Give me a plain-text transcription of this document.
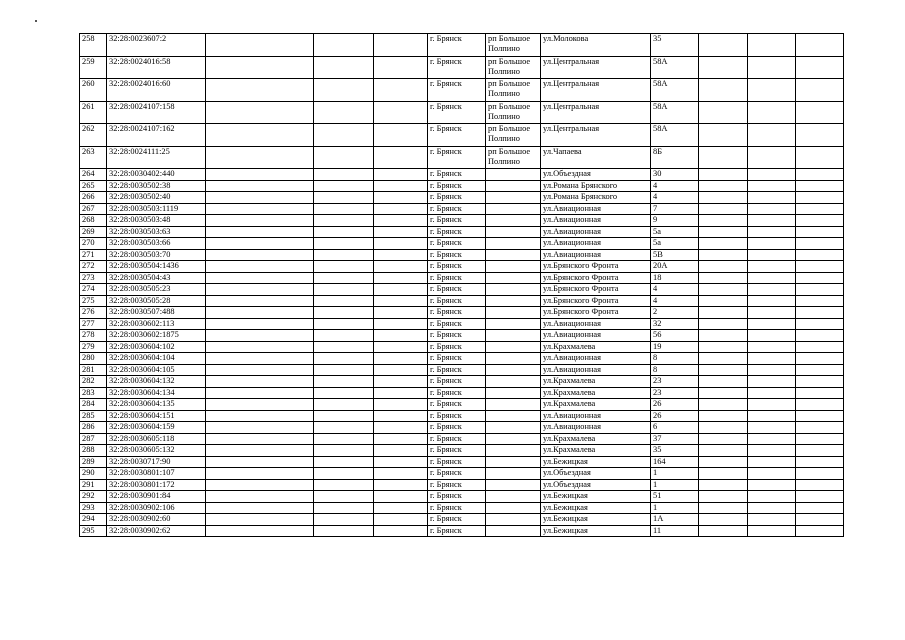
258	32:28:0023607:2				г. Брянск	рп Большое Полпино	ул.Молокова	35			
259	32:28:0024016:58				г. Брянск	рп Большое Полпино	ул.Центральная	58А			
260	32:28:0024016:60				г. Брянск	рп Большое Полпино	ул.Центральная	58А			
261	32:28:0024107:158				г. Брянск	рп Большое Полпино	ул.Центральная	58А			
262	32:28:0024107:162				г. Брянск	рп Большое Полпино	ул.Центральная	58А			
263	32:28:0024111:25				г. Брянск	рп Большое Полпино	ул.Чапаева	8Б			
264	32:28:0030402:440				г. Брянск		ул.Объездная	30			
265	32:28:0030502:38				г. Брянск		ул.Романа Брянского	4			
266	32:28:0030502:40				г. Брянск		ул.Романа Брянского	4			
267	32:28:0030503:1119				г. Брянск		ул.Авиационная	7			
268	32:28:0030503:48				г. Брянск		ул.Авиационная	9			
269	32:28:0030503:63				г. Брянск		ул.Авиационная	5а			
270	32:28:0030503:66				г. Брянск		ул.Авиационная	5а			
271	32:28:0030503:70				г. Брянск		ул.Авиационная	5В			
272	32:28:0030504:1436				г. Брянск		ул.Брянского Фронта	20А			
273	32:28:0030504:43				г. Брянск		ул.Брянского Фронта	18			
274	32:28:0030505:23				г. Брянск		ул.Брянского Фронта	4			
275	32:28:0030505:28				г. Брянск		ул.Брянского Фронта	4			
276	32:28:0030507:488				г. Брянск		ул.Брянского Фронта	2			
277	32:28:0030602:113				г. Брянск		ул.Авиационная	32			
278	32:28:0030602:1875				г. Брянск		ул.Авиационная	56			
279	32:28:0030604:102				г. Брянск		ул.Крахмалева	19			
280	32:28:0030604:104				г. Брянск		ул.Авиационная	8			
281	32:28:0030604:105				г. Брянск		ул.Авиационная	8			
282	32:28:0030604:132				г. Брянск		ул.Крахмалева	23			
283	32:28:0030604:134				г. Брянск		ул.Крахмалева	23			
284	32:28:0030604:135				г. Брянск		ул.Крахмалева	26			
285	32:28:0030604:151				г. Брянск		ул.Авиационная	26			
286	32:28:0030604:159				г. Брянск		ул.Авиационная	6			
287	32:28:0030605:118				г. Брянск		ул.Крахмалева	37			
288	32:28:0030605:132				г. Брянск		ул.Крахмалева	35			
289	32:28:0030717:90				г. Брянск		ул.Бежицкая	164			
290	32:28:0030801:107				г. Брянск		ул.Объездная	1			
291	32:28:0030801:172				г. Брянск		ул.Объездная	1			
292	32:28:0030901:84				г. Брянск		ул.Бежицкая	51			
293	32:28:0030902:106				г. Брянск		ул.Бежицкая	1			
294	32:28:0030902:60				г. Брянск		ул.Бежицкая	1А			
295	32:28:0030902:62				г. Брянск		ул.Бежицкая	11			
